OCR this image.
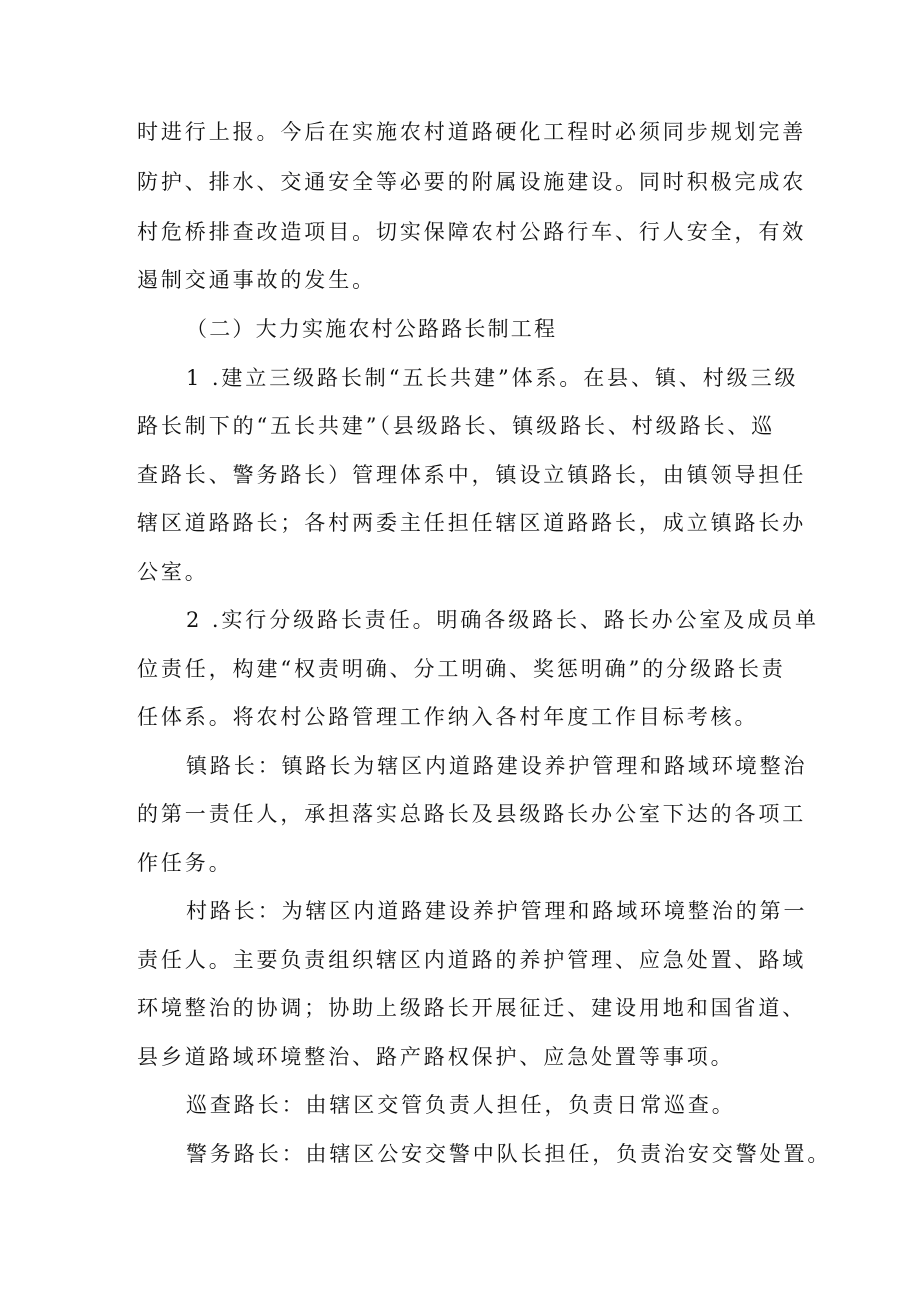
时进行上报。今后在实施农村道路硬化工程时必须同步规划完善
防护、排水、交通安全等必要的附属设施建设。同时积极完成农
村危桥排查改造项目。切实保障农村公路行车、行人安全，有效
遏制交通事故的发生。
（二）大力实施农村公路路长制工程
1 .建立三级路长制“五长共建”体系。在县、镇、村级三级
路长制下的“五长共建”（县级路长、镇级路长、村级路长、巡
查路长、警务路长）管理体系中，镇设立镇路长，由镇领导担任
辖区道路路长；各村两委主任担任辖区道路路长，成立镇路长办
公室。
2 .实行分级路长责任。明确各级路长、路长办公室及成员单
位责任，构建“权责明确、分工明确、奖惩明确”的分级路长责
任体系。将农村公路管理工作纳入各村年度工作目标考核。
镇路长：镇路长为辖区内道路建设养护管理和路域环境整治
的第一责任人，承担落实总路长及县级路长办公室下达的各项工
作任务。
村路长：为辖区内道路建设养护管理和路域环境整治的第一
责任人。主要负责组织辖区内道路的养护管理、应急处置、路域
环境整治的协调；协助上级路长开展征迁、建设用地和国省道、
县乡道路域环境整治、路产路权保护、应急处置等事项。
巡查路长：由辖区交管负责人担任，负责日常巡查。
警务路长：由辖区公安交警中队长担任，负责治安交警处置。
